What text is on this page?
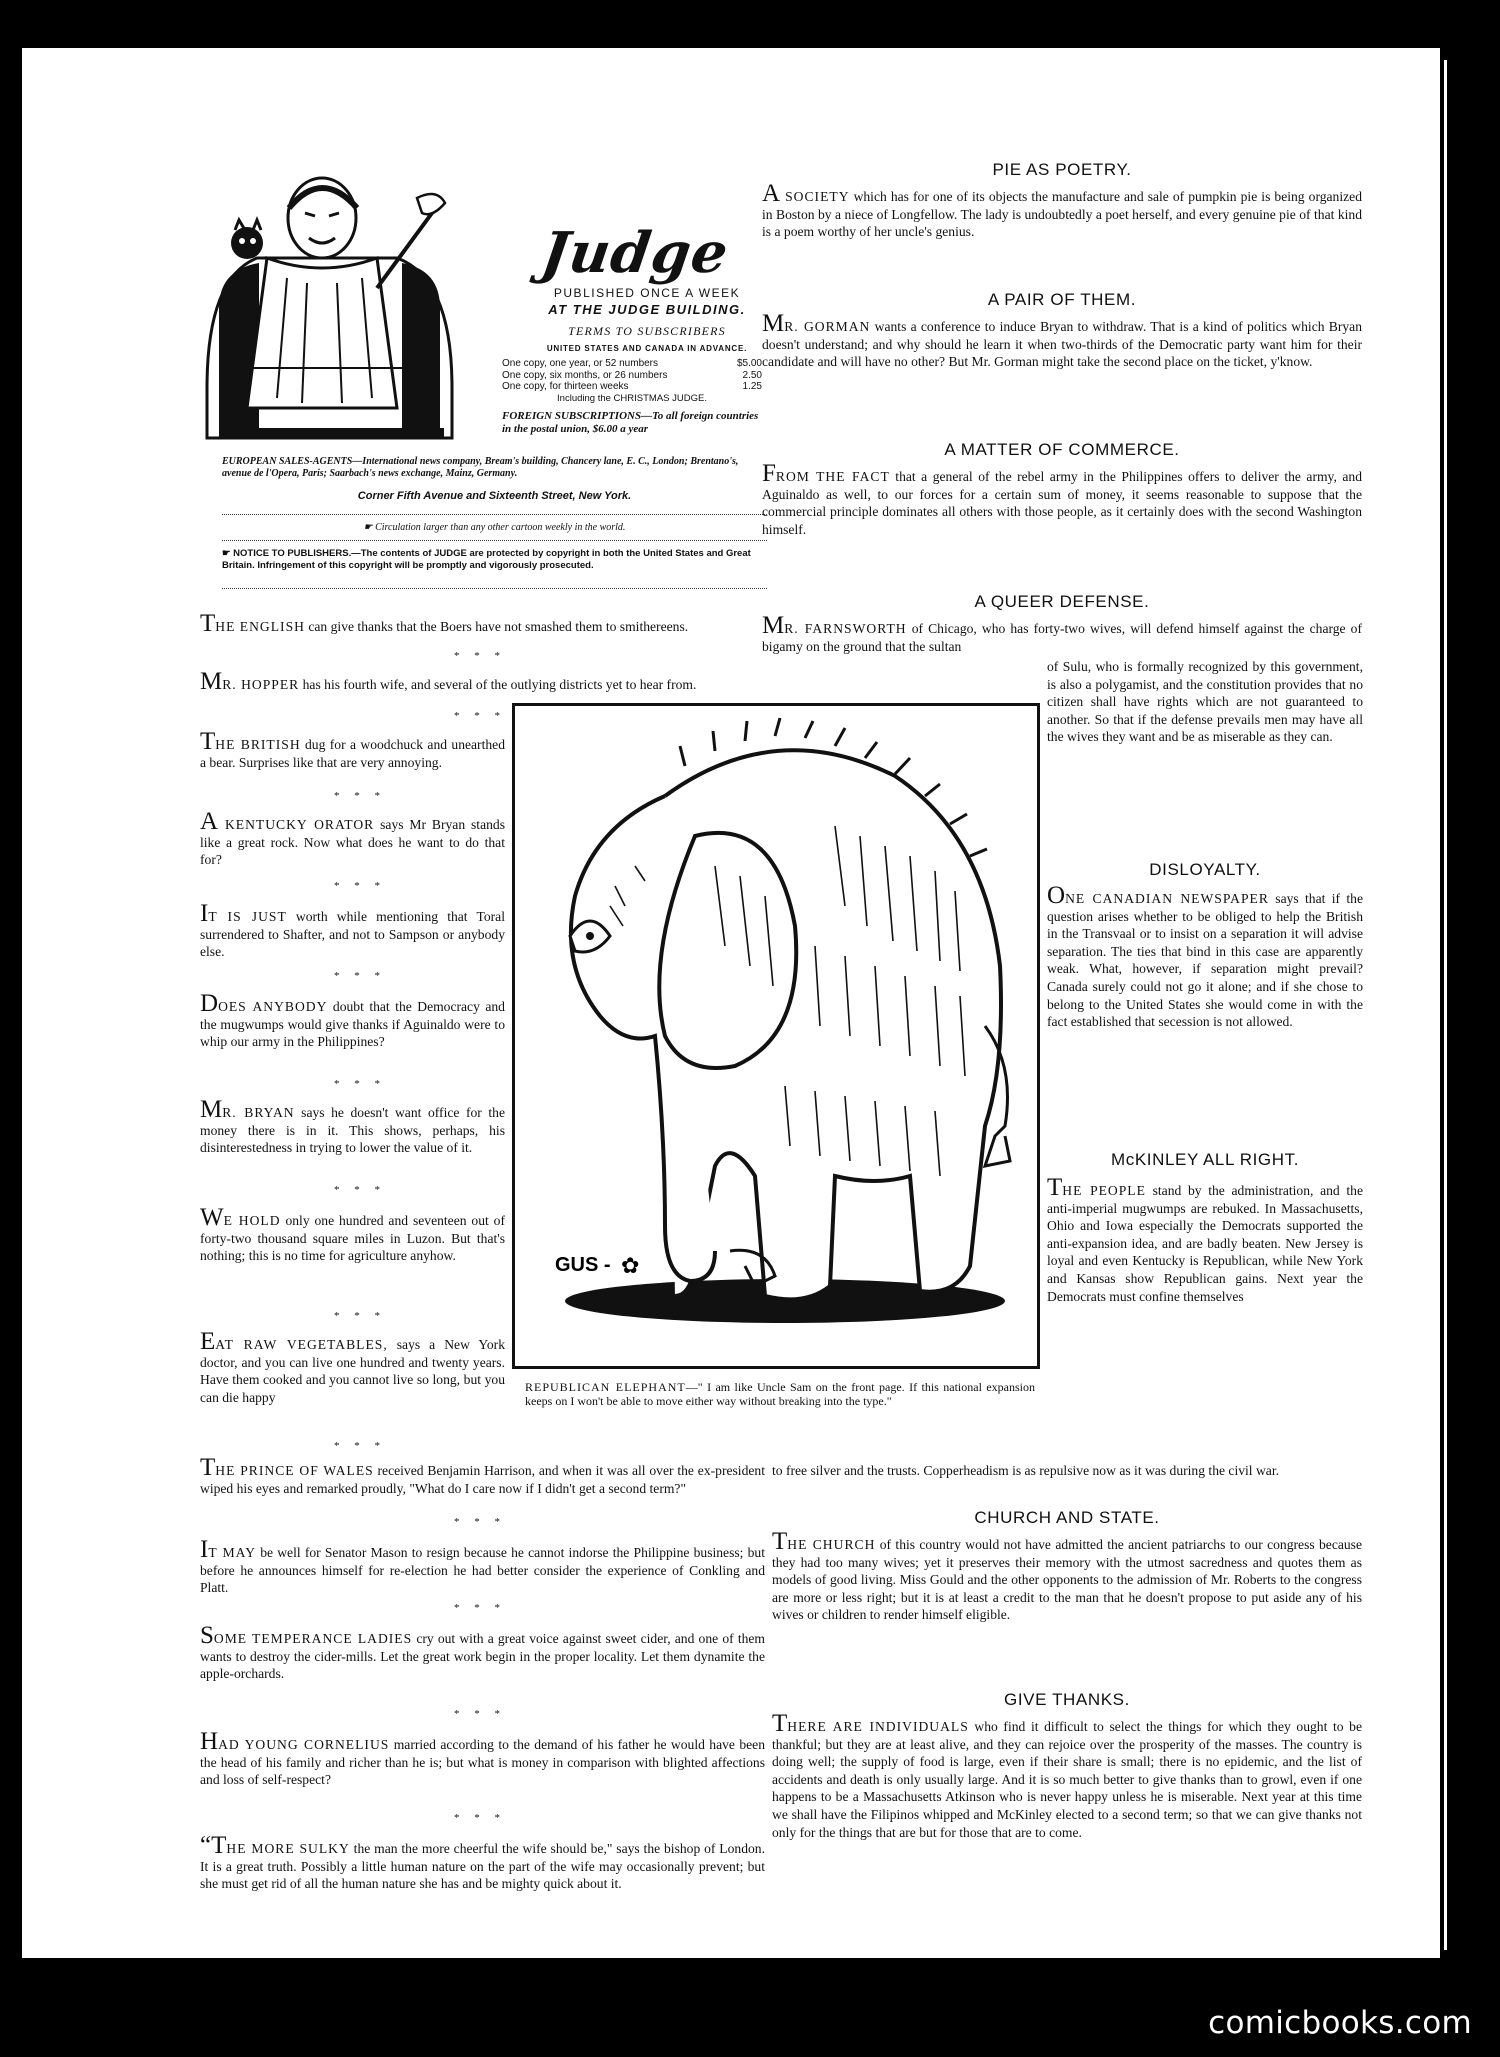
Judge
PUBLISHED ONCE A WEEK
AT THE JUDGE BUILDING.
TERMS TO SUBSCRIBERS
UNITED STATES AND CANADA IN ADVANCE.
One copy, one year, or 52 numbers	$5.00
One copy, six months, or 26 numbers	2.50
One copy, for thirteen weeks	1.25
Including the CHRISTMAS JUDGE.
FOREIGN SUBSCRIPTIONS—To all foreign countries in the postal union, $6.00 a year
EUROPEAN SALES-AGENTS—International news company, Bream's building, Chancery lane, E. C., London; Brentano's, avenue de l'Opera, Paris; Saarbach's news exchange, Mainz, Germany.
Corner Fifth Avenue and Sixteenth Street, New York.
☛ Circulation larger than any other cartoon weekly in the world.
☛ NOTICE TO PUBLISHERS.—The contents of JUDGE are protected by copyright in both the United States and Great Britain. Infringement of this copyright will be promptly and vigorously prosecuted.
THE ENGLISH can give thanks that the Boers have not smashed them to smithereens.
* * *
MR. HOPPER has his fourth wife, and several of the outlying districts yet to hear from.
* * *
THE BRITISH dug for a woodchuck and unearthed a bear. Surprises like that are very annoying.
* * *
A KENTUCKY ORATOR says Mr Bryan stands like a great rock. Now what does he want to do that for?
* * *
IT IS JUST worth while mentioning that Toral surrendered to Shafter, and not to Sampson or anybody else.
* * *
DOES ANYBODY doubt that the Democracy and the mugwumps would give thanks if Aguinaldo were to whip our army in the Philippines?
* * *
MR. BRYAN says he doesn't want office for the money there is in it. This shows, perhaps, his disinterestedness in trying to lower the value of it.
* * *
WE HOLD only one hundred and seventeen out of forty-two thousand square miles in Luzon. But that's nothing; this is no time for agriculture anyhow.
* * *
EAT RAW VEGETABLES, says a New York doctor, and you can live one hundred and twenty years. Have them cooked and you cannot live so long, but you can die happy
* * *
GUS - ✿
REPUBLICAN ELEPHANT—" I am like Uncle Sam on the front page. If this national expansion keeps on I won't be able to move either way without breaking into the type."
THE PRINCE OF WALES received Benjamin Harrison, and when it was all over the ex-president wiped his eyes and remarked proudly, "What do I care now if I didn't get a second term?"
* * *
IT MAY be well for Senator Mason to resign because he cannot indorse the Philippine business; but before he announces himself for re-election he had better consider the experience of Conkling and Platt.
* * *
SOME TEMPERANCE LADIES cry out with a great voice against sweet cider, and one of them wants to destroy the cider-mills. Let the great work begin in the proper locality. Let them dynamite the apple-orchards.
* * *
HAD YOUNG CORNELIUS married according to the demand of his father he would have been the head of his family and richer than he is; but what is money in comparison with blighted affections and loss of self-respect?
* * *
“THE MORE SULKY the man the more cheerful the wife should be," says the bishop of London. It is a great truth. Possibly a little human nature on the part of the wife may occasionally prevent; but she must get rid of all the human nature she has and be mighty quick about it.
PIE AS POETRY.
A SOCIETY which has for one of its objects the manufacture and sale of pumpkin pie is being organized in Boston by a niece of Longfellow. The lady is undoubtedly a poet herself, and every genuine pie of that kind is a poem worthy of her uncle's genius.
A PAIR OF THEM.
MR. GORMAN wants a conference to induce Bryan to withdraw. That is a kind of politics which Bryan doesn't understand; and why should he learn it when two-thirds of the Democratic party want him for their candidate and will have no other? But Mr. Gorman might take the second place on the ticket, y'know.
A MATTER OF COMMERCE.
FROM THE FACT that a general of the rebel army in the Philippines offers to deliver the army, and Aguinaldo as well, to our forces for a certain sum of money, it seems reasonable to suppose that the commercial principle dominates all others with those people, as it certainly does with the second Washington himself.
A QUEER DEFENSE.
MR. FARNSWORTH of Chicago, who has forty-two wives, will defend himself against the charge of bigamy on the ground that the sultan
of Sulu, who is formally recognized by this government, is also a polygamist, and the constitution provides that no citizen shall have rights which are not guaranteed to another. So that if the defense prevails men may have all the wives they want and be as miserable as they can.
DISLOYALTY.
ONE CANADIAN NEWSPAPER says that if the question arises whether to be obliged to help the British in the Transvaal or to insist on a separation it will advise separation. The ties that bind in this case are apparently weak. What, however, if separation might prevail? Canada surely could not go it alone; and if she chose to belong to the United States she would come in with the fact established that secession is not allowed.
McKINLEY ALL RIGHT.
THE PEOPLE stand by the administration, and the anti-imperial mugwumps are rebuked. In Massachusetts, Ohio and Iowa especially the Democrats supported the anti-expansion idea, and are badly beaten. New Jersey is loyal and even Kentucky is Republican, while New York and Kansas show Republican gains. Next year the Democrats must confine themselves
to free silver and the trusts. Copperheadism is as repulsive now as it was during the civil war.
CHURCH AND STATE.
THE CHURCH of this country would not have admitted the ancient patriarchs to our congress because they had too many wives; yet it preserves their memory with the utmost sacredness and quotes them as models of good living. Miss Gould and the other opponents to the admission of Mr. Roberts to the congress are more or less right; but it is at least a credit to the man that he doesn't propose to put aside any of his wives or children to render himself eligible.
GIVE THANKS.
THERE ARE INDIVIDUALS who find it difficult to select the things for which they ought to be thankful; but they are at least alive, and they can rejoice over the prosperity of the masses. The country is doing well; the supply of food is large, even if their share is small; there is no epidemic, and the list of accidents and death is only usually large. And it is so much better to give thanks than to growl, even if one happens to be a Massachusetts Atkinson who is never happy unless he is miserable. Next year at this time we shall have the Filipinos whipped and McKinley elected to a second term; so that we can give thanks not only for the things that are but for those that are to come.
comicbooks.com
